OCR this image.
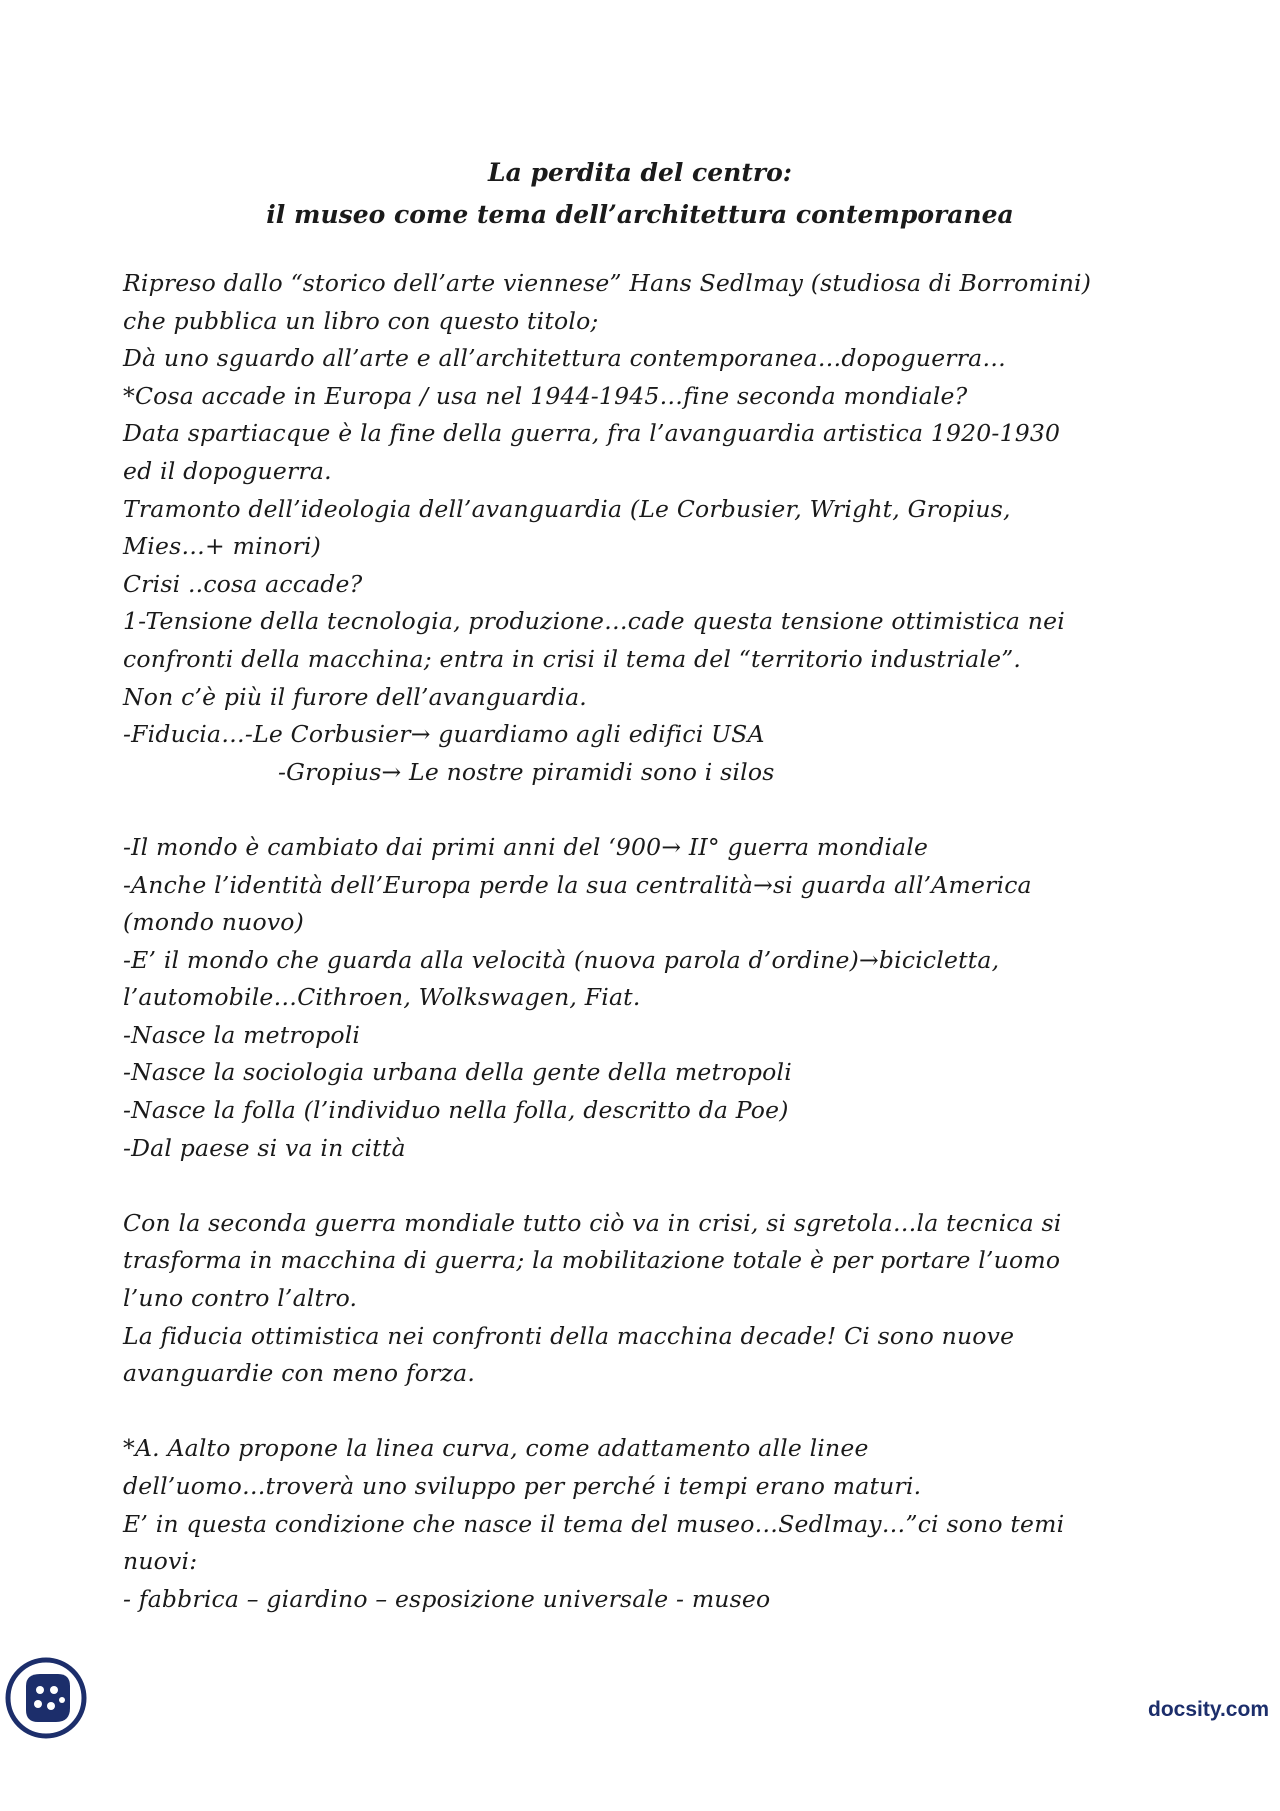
La perdita del centro:
il museo come tema dell’architettura contemporanea
Ripreso dallo “storico dell’arte viennese” Hans Sedlmay (studiosa di Borromini)
che pubblica un libro con questo titolo;
Dà uno sguardo all’arte e all’architettura contemporanea…dopoguerra…
*Cosa accade in Europa / usa nel 1944-1945…fine seconda mondiale?
Data spartiacque è la fine della guerra, fra l’avanguardia artistica 1920-1930
ed il dopoguerra.
Tramonto dell’ideologia dell’avanguardia (Le Corbusier, Wright, Gropius,
Mies…+ minori)
Crisi ..cosa accade?
1-Tensione della tecnologia, produzione…cade questa tensione ottimistica nei
confronti della macchina; entra in crisi il tema del “territorio industriale”.
Non c’è più il furore dell’avanguardia.
-Fiducia…-Le Corbusier→ guardiamo agli edifici USA
-Gropius→ Le nostre piramidi sono i silos
-Il mondo è cambiato dai primi anni del ‘900→ II° guerra mondiale
-Anche l’identità dell’Europa perde la sua centralità→si guarda all’America
(mondo nuovo)
-E’ il mondo che guarda alla velocità (nuova parola d’ordine)→bicicletta,
l’automobile…Cithroen, Wolkswagen, Fiat.
-Nasce la metropoli
-Nasce la sociologia urbana della gente della metropoli
-Nasce la folla (l’individuo nella folla, descritto da Poe)
-Dal paese si va in città
Con la seconda guerra mondiale tutto ciò va in crisi, si sgretola…la tecnica si
trasforma in macchina di guerra; la mobilitazione totale è per portare l’uomo
l’uno contro l’altro.
La fiducia ottimistica nei confronti della macchina decade! Ci sono nuove
avanguardie con meno forza.
*A. Aalto propone la linea curva, come adattamento alle linee
dell’uomo…troverà uno sviluppo per perché i tempi erano maturi.
E’ in questa condizione che nasce il tema del museo…Sedlmay…”ci sono temi
nuovi:
- fabbrica – giardino – esposizione universale - museo
docsity.com
